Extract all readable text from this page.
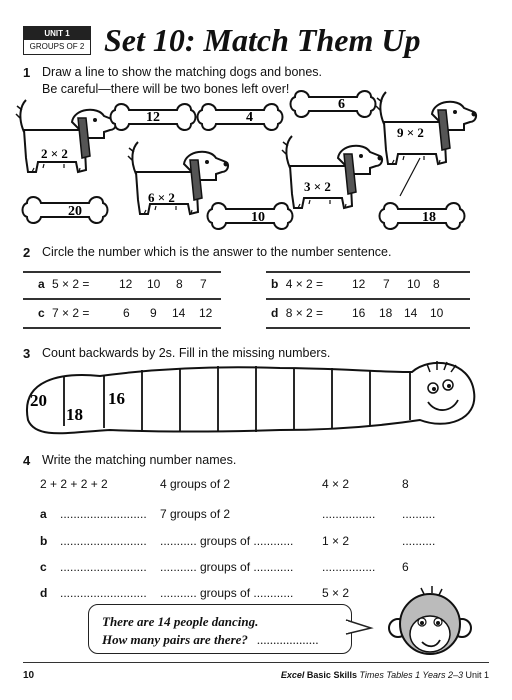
UNIT 1
GROUPS OF 2 Set 10: Match Them Up
1 Draw a line to show the matching dogs and bones.
Be careful—there will be two bones left over!
2 × 2
6 × 2
3 × 2
9 × 2
12	4
6
20	10	18
20
18
16
2 Circle the number which is the answer to the number sentence.
a 5 × 2 = 12 10 8 7	b 4 × 2 = 12 7 10 8
c 7 × 2 =	6 9 14 12	d 8 × 2 = 16 18 14 10
3 Count backwards by 2s. Fill in the missing numbers.
4 Write the matching number names.
2 + 2 + 2 + 2	4 groups of 2	4 × 2	8
a .......................... 7 groups of 2	................ ..........
b .......................... ........... groups of ............ 1 × 2	..........
c .......................... ........... groups of ............ ................ 6
d .......................... ........... groups of ............ 5 × 2
There are 14 people dancing.
How many pairs are there? ...................
10	Excel Basic Skills Times Tables 1 Years 2–3 Unit 1
